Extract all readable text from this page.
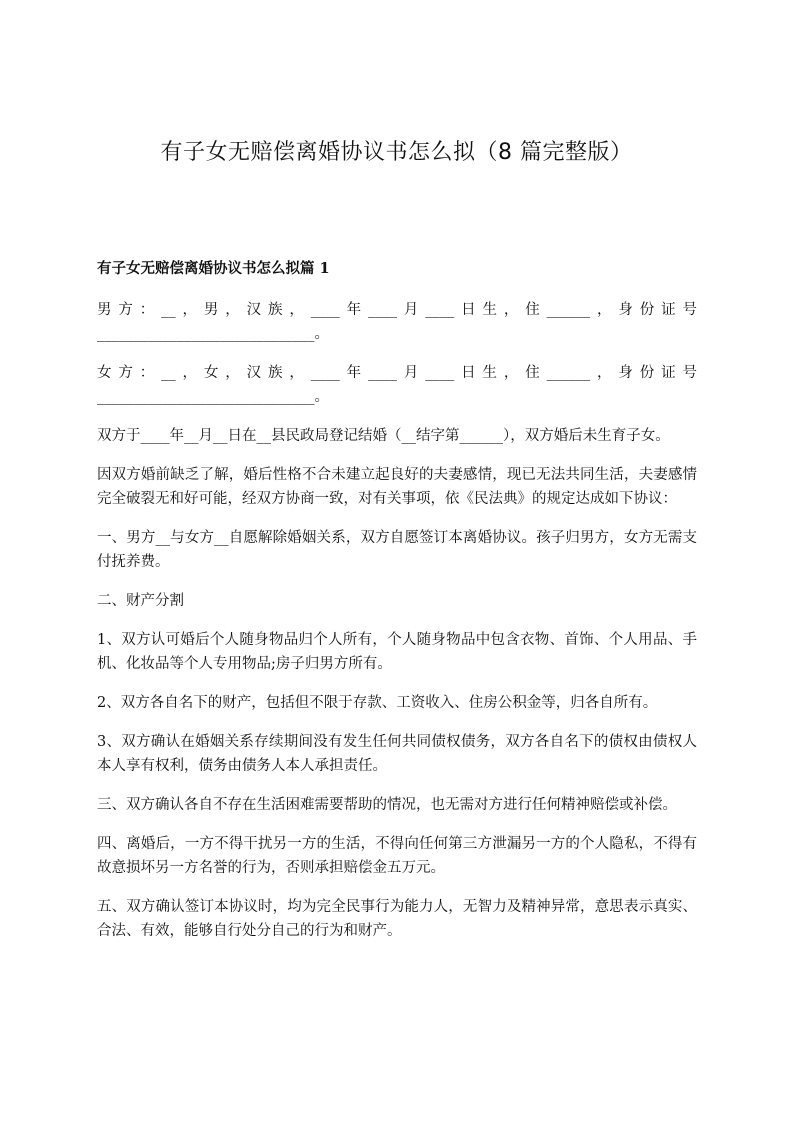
有子女无赔偿离婚协议书怎么拟（8 篇完整版）

有子女无赔偿离婚协议书怎么拟篇 1

男方：__，男，汉族，____年____月____日生，住______，身份证号______________________________。

女方：__，女，汉族，____年____月____日生，住______，身份证号______________________________。

双方于____年__月__日在__县民政局登记结婚（__结字第______），双方婚后未生育子女。

因双方婚前缺乏了解，婚后性格不合未建立起良好的夫妻感情，现已无法共同生活，夫妻感情完全破裂无和好可能，经双方协商一致，对有关事项，依《民法典》的规定达成如下协议：

一、男方__与女方__自愿解除婚姻关系，双方自愿签订本离婚协议。孩子归男方，女方无需支付抚养费。

二、财产分割

1、双方认可婚后个人随身物品归个人所有，个人随身物品中包含衣物、首饰、个人用品、手机、化妆品等个人专用物品;房子归男方所有。

2、双方各自名下的财产，包括但不限于存款、工资收入、住房公积金等，归各自所有。

3、双方确认在婚姻关系存续期间没有发生任何共同债权债务，双方各自名下的债权由债权人本人享有权利，债务由债务人本人承担责任。

三、双方确认各自不存在生活困难需要帮助的情况，也无需对方进行任何精神赔偿或补偿。

四、离婚后，一方不得干扰另一方的生活，不得向任何第三方泄漏另一方的个人隐私，不得有故意损坏另一方名誉的行为，否则承担赔偿金五万元。

五、双方确认签订本协议时，均为完全民事行为能力人，无智力及精神异常，意思表示真实、合法、有效，能够自行处分自己的行为和财产。
